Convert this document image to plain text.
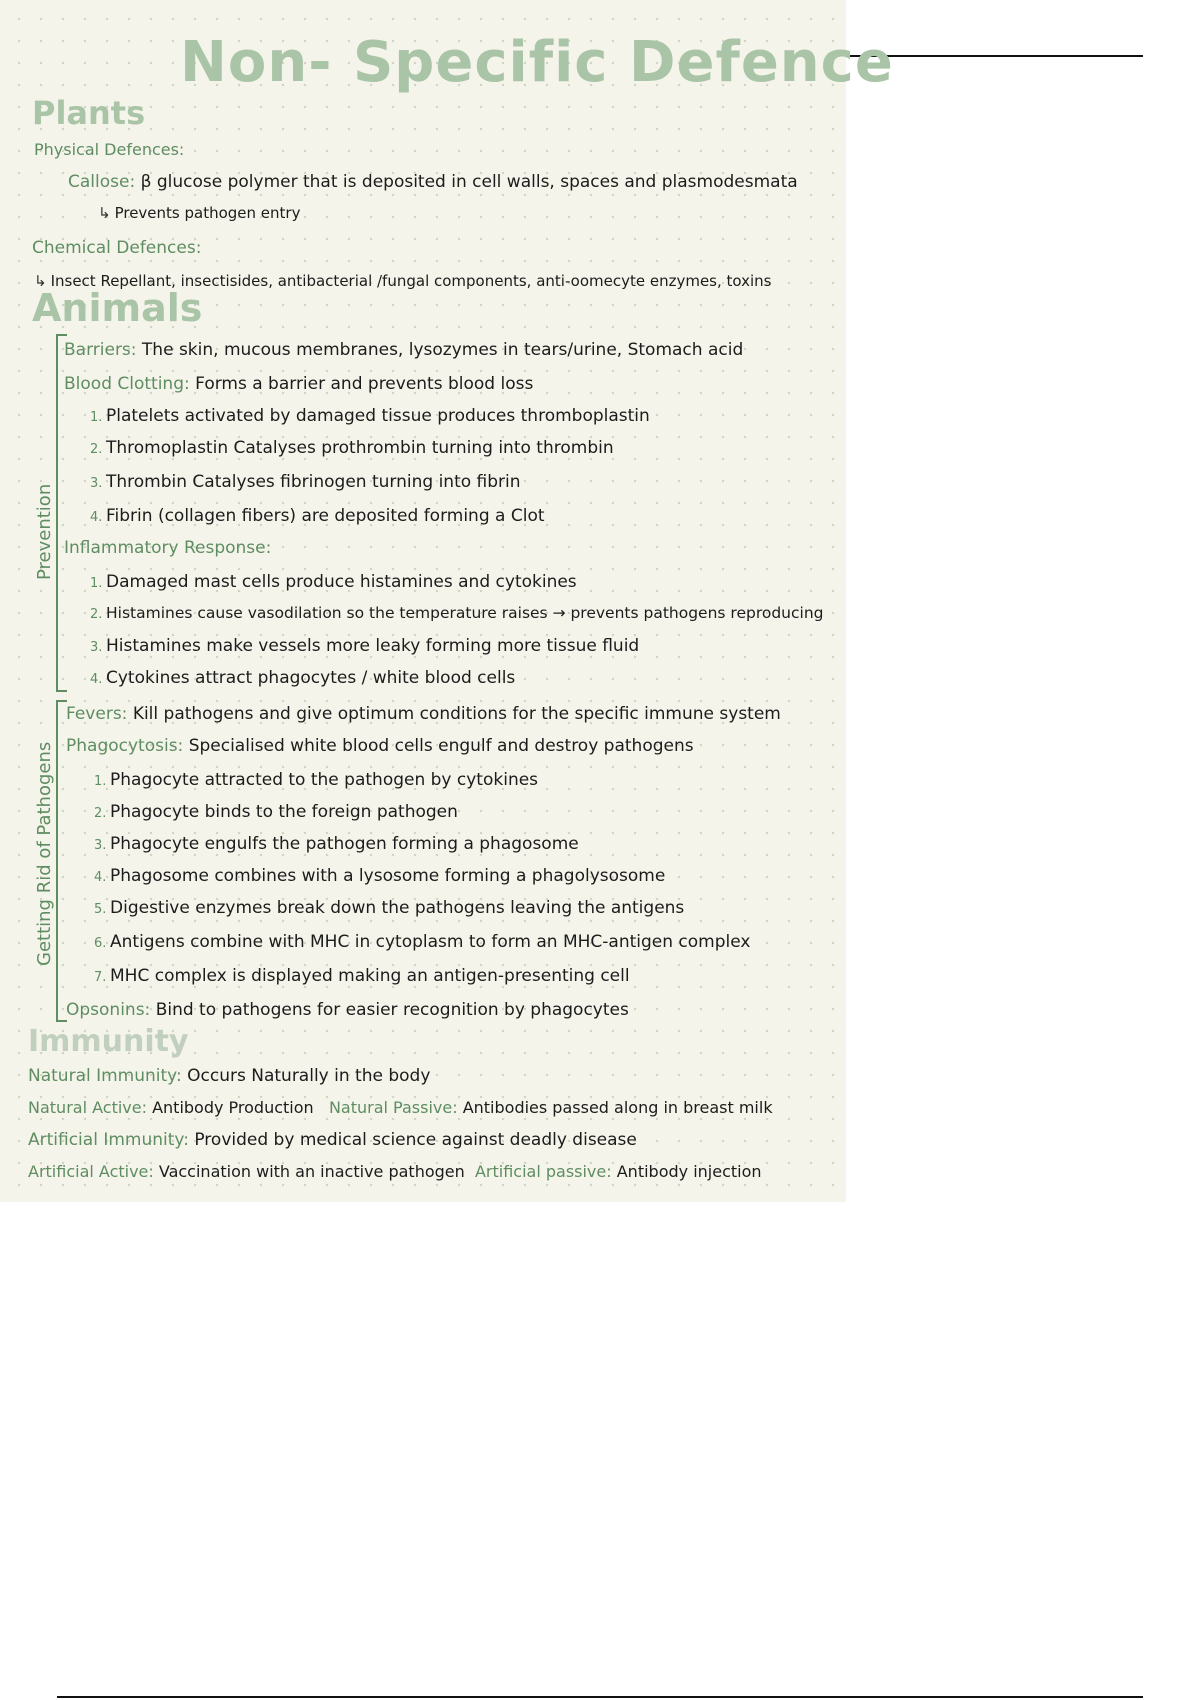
Non- Specific Defence
Plants
Physical Defences:
Callose: β glucose polymer that is deposited in cell walls, spaces and plasmodesmata
↳ Prevents pathogen entry
Chemical Defences:
↳ Insect Repellant, insectisides, antibacterial /fungal components, anti-oomecyte enzymes, toxins
Animals
Prevention
Barriers: The skin, mucous membranes, lysozymes in tears/urine, Stomach acid
Blood Clotting: Forms a barrier and prevents blood loss
1. Platelets activated by damaged tissue produces thromboplastin
2. Thromoplastin Catalyses prothrombin turning into thrombin
3. Thrombin Catalyses fibrinogen turning into fibrin
4. Fibrin (collagen fibers) are deposited forming a Clot
Inflammatory Response:
1. Damaged mast cells produce histamines and cytokines
2. Histamines cause vasodilation so the temperature raises → prevents pathogens reproducing
3. Histamines make vessels more leaky forming more tissue fluid
4. Cytokines attract phagocytes / white blood cells
Getting Rid of Pathogens
Fevers: Kill pathogens and give optimum conditions for the specific immune system
Phagocytosis: Specialised white blood cells engulf and destroy pathogens
1. Phagocyte attracted to the pathogen by cytokines
2. Phagocyte binds to the foreign pathogen
3. Phagocyte engulfs the pathogen forming a phagosome
4. Phagosome combines with a lysosome forming a phagolysosome
5. Digestive enzymes break down the pathogens leaving the antigens
6. Antigens combine with MHC in cytoplasm to form an MHC-antigen complex
7. MHC complex is displayed making an antigen-presenting cell
Opsonins: Bind to pathogens for easier recognition by phagocytes
Immunity
Natural Immunity: Occurs Naturally in the body
Natural Active: Antibody Production Natural Passive: Antibodies passed along in breast milk
Artificial Immunity: Provided by medical science against deadly disease
Artificial Active: Vaccination with an inactive pathogen Artificial passive: Antibody injection
